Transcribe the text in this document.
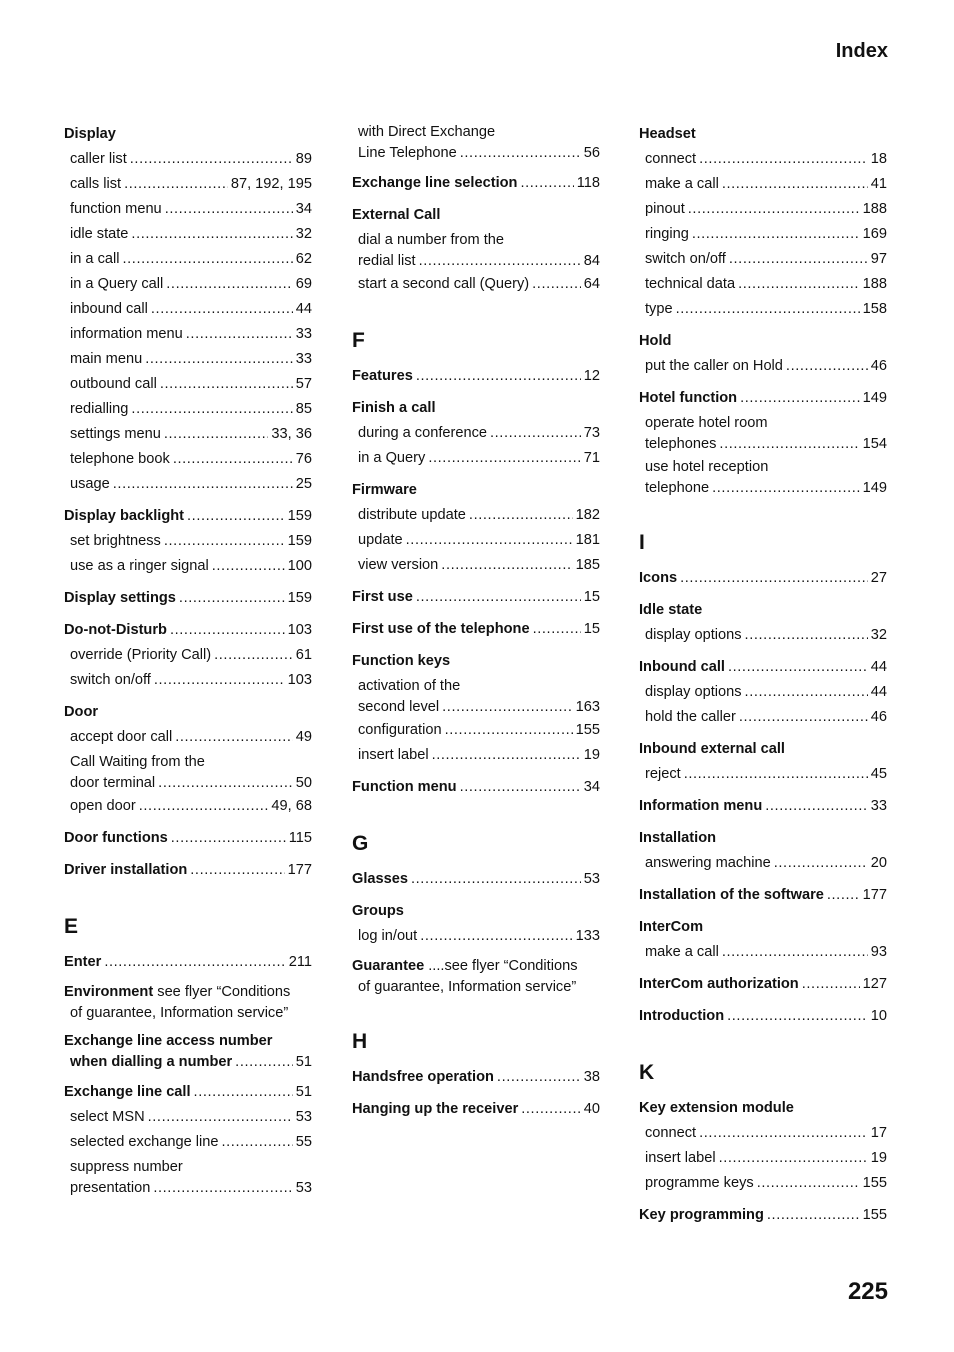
Index
Display
caller list .....	89
calls list .....	87, 192, 195
function menu .....	34
idle state .....	32
in a call .....	62
in a Query call .....	69
inbound call .....	44
information menu .....	33
main menu .....	33
outbound call .....	57
redialling .....	85
settings menu .....	33, 36
telephone book .....	76
usage .....	25
Display backlight .....	159
set brightness .....	159
use as a ringer signal .....	100
Display settings .....	159
Do-not-Disturb .....	103
override (Priority Call) .....	61
switch on/off .....	103
Door
accept door call .....	49
Call Waiting from the
door terminal .....	50
open door .....	49, 68
Door functions .....	115
Driver installation .....	177
E
Enter .....	211
Environment see flyer “Conditions
of guarantee, Information service”
Exchange line access number
when dialling a number .....	51
Exchange line call .....	51
select MSN .....	53
selected exchange line .....	55
suppress number
presentation .....	53
with Direct Exchange
Line Telephone .....	56
Exchange line selection .....	118
External Call
dial a number from the
redial list .....	84
start a second call (Query) .....	64
F
Features .....	12
Finish a call
during a conference .....	73
in a Query .....	71
Firmware
distribute update .....	182
update .....	181
view version .....	185
First use .....	15
First use of the telephone .....	15
Function keys
activation of the
second level .....	163
configuration .....	155
insert label .....	19
Function menu .....	34
G
Glasses .....	53
Groups
log in/out .....	133
Guarantee ....see flyer “Conditions
of guarantee, Information service”
H
Handsfree operation .....	38
Hanging up the receiver .....	40
Headset
connect .....	18
make a call .....	41
pinout .....	188
ringing .....	169
switch on/off .....	97
technical data .....	188
type .....	158
Hold
put the caller on Hold .....	46
Hotel function .....	149
operate hotel room
telephones .....	154
use hotel reception
telephone .....	149
I
Icons .....	27
Idle state
display options .....	32
Inbound call .....	44
display options .....	44
hold the caller .....	46
Inbound external call
reject .....	45
Information menu .....	33
Installation
answering machine .....	20
Installation of the software .....	177
InterCom
make a call .....	93
InterCom authorization .....	127
Introduction .....	10
K
Key extension module
connect .....	17
insert label .....	19
programme keys .....	155
Key programming .....	155
225
